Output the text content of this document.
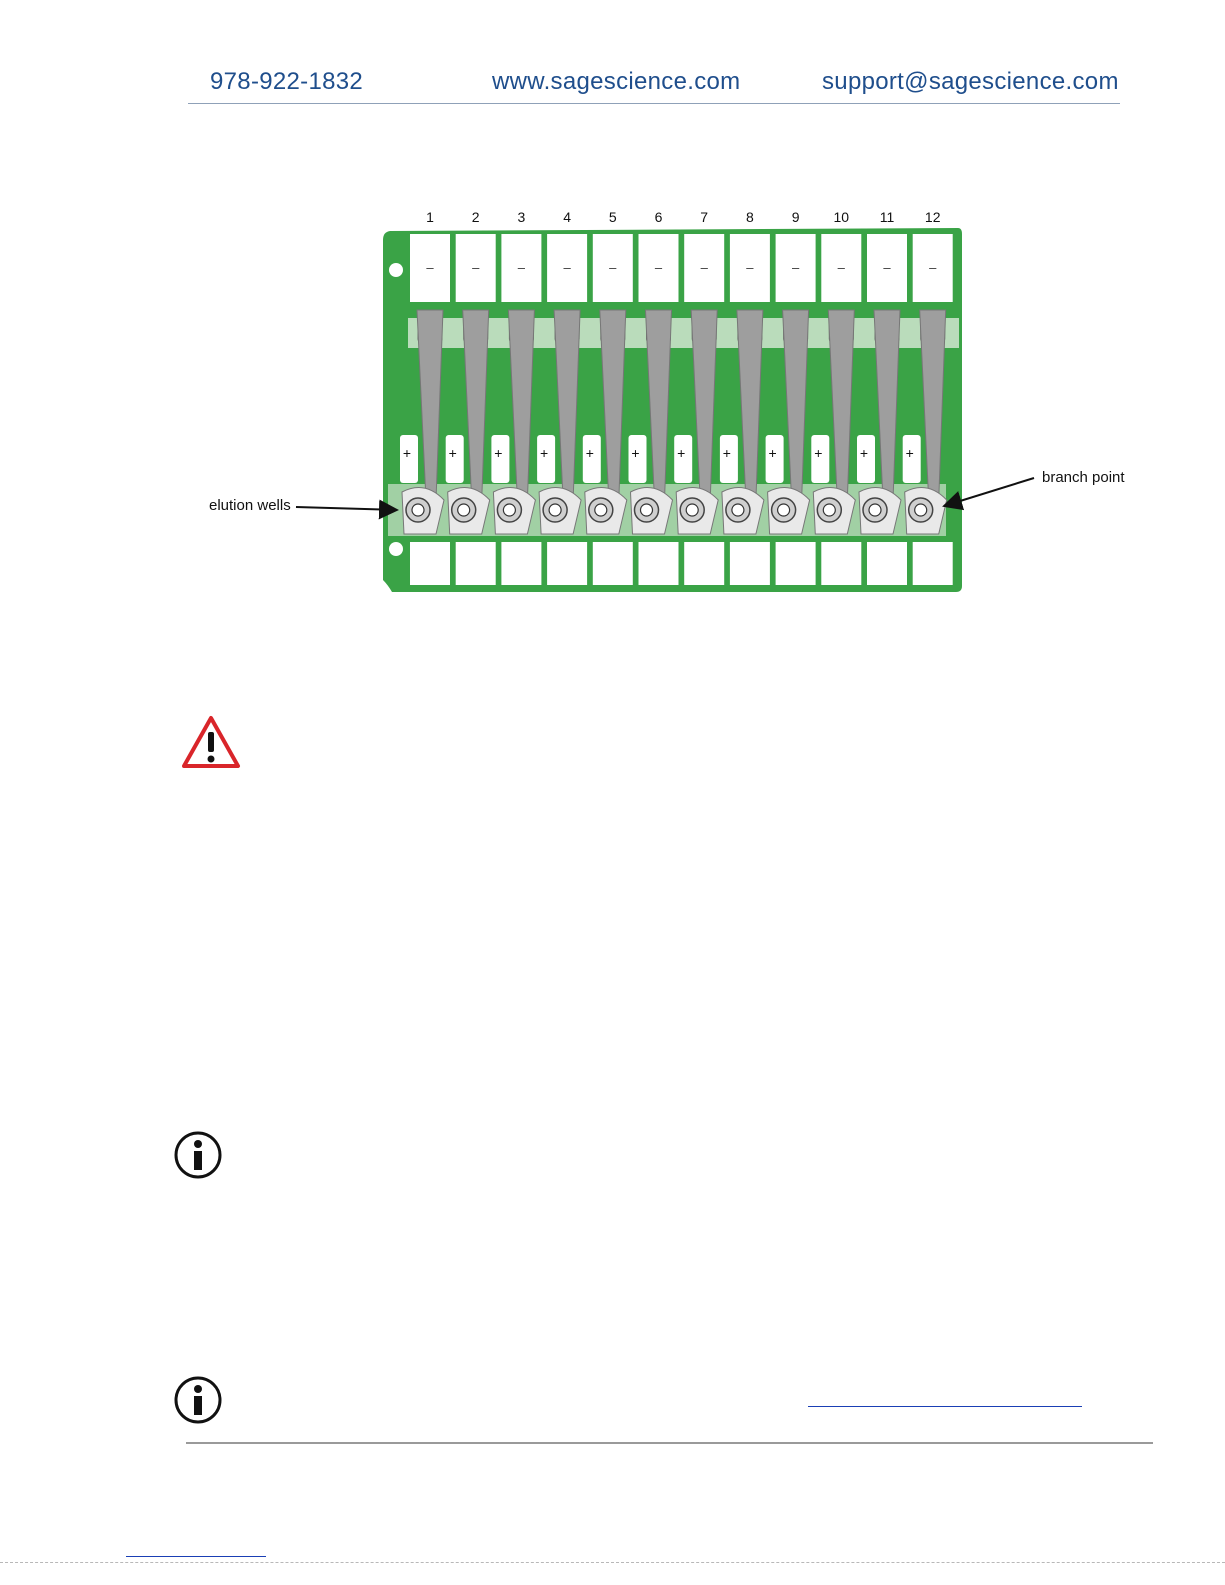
978-922-1832	www.sagescience.com	support@sagescience.com
1
–
+
2
–
+
3
–
+
4
–
+
5
–
+
6
–
+
7
–
+
8
–
+
9
–
+
10
–
+
11
–
+
12
–
+
elution wells
branch point
